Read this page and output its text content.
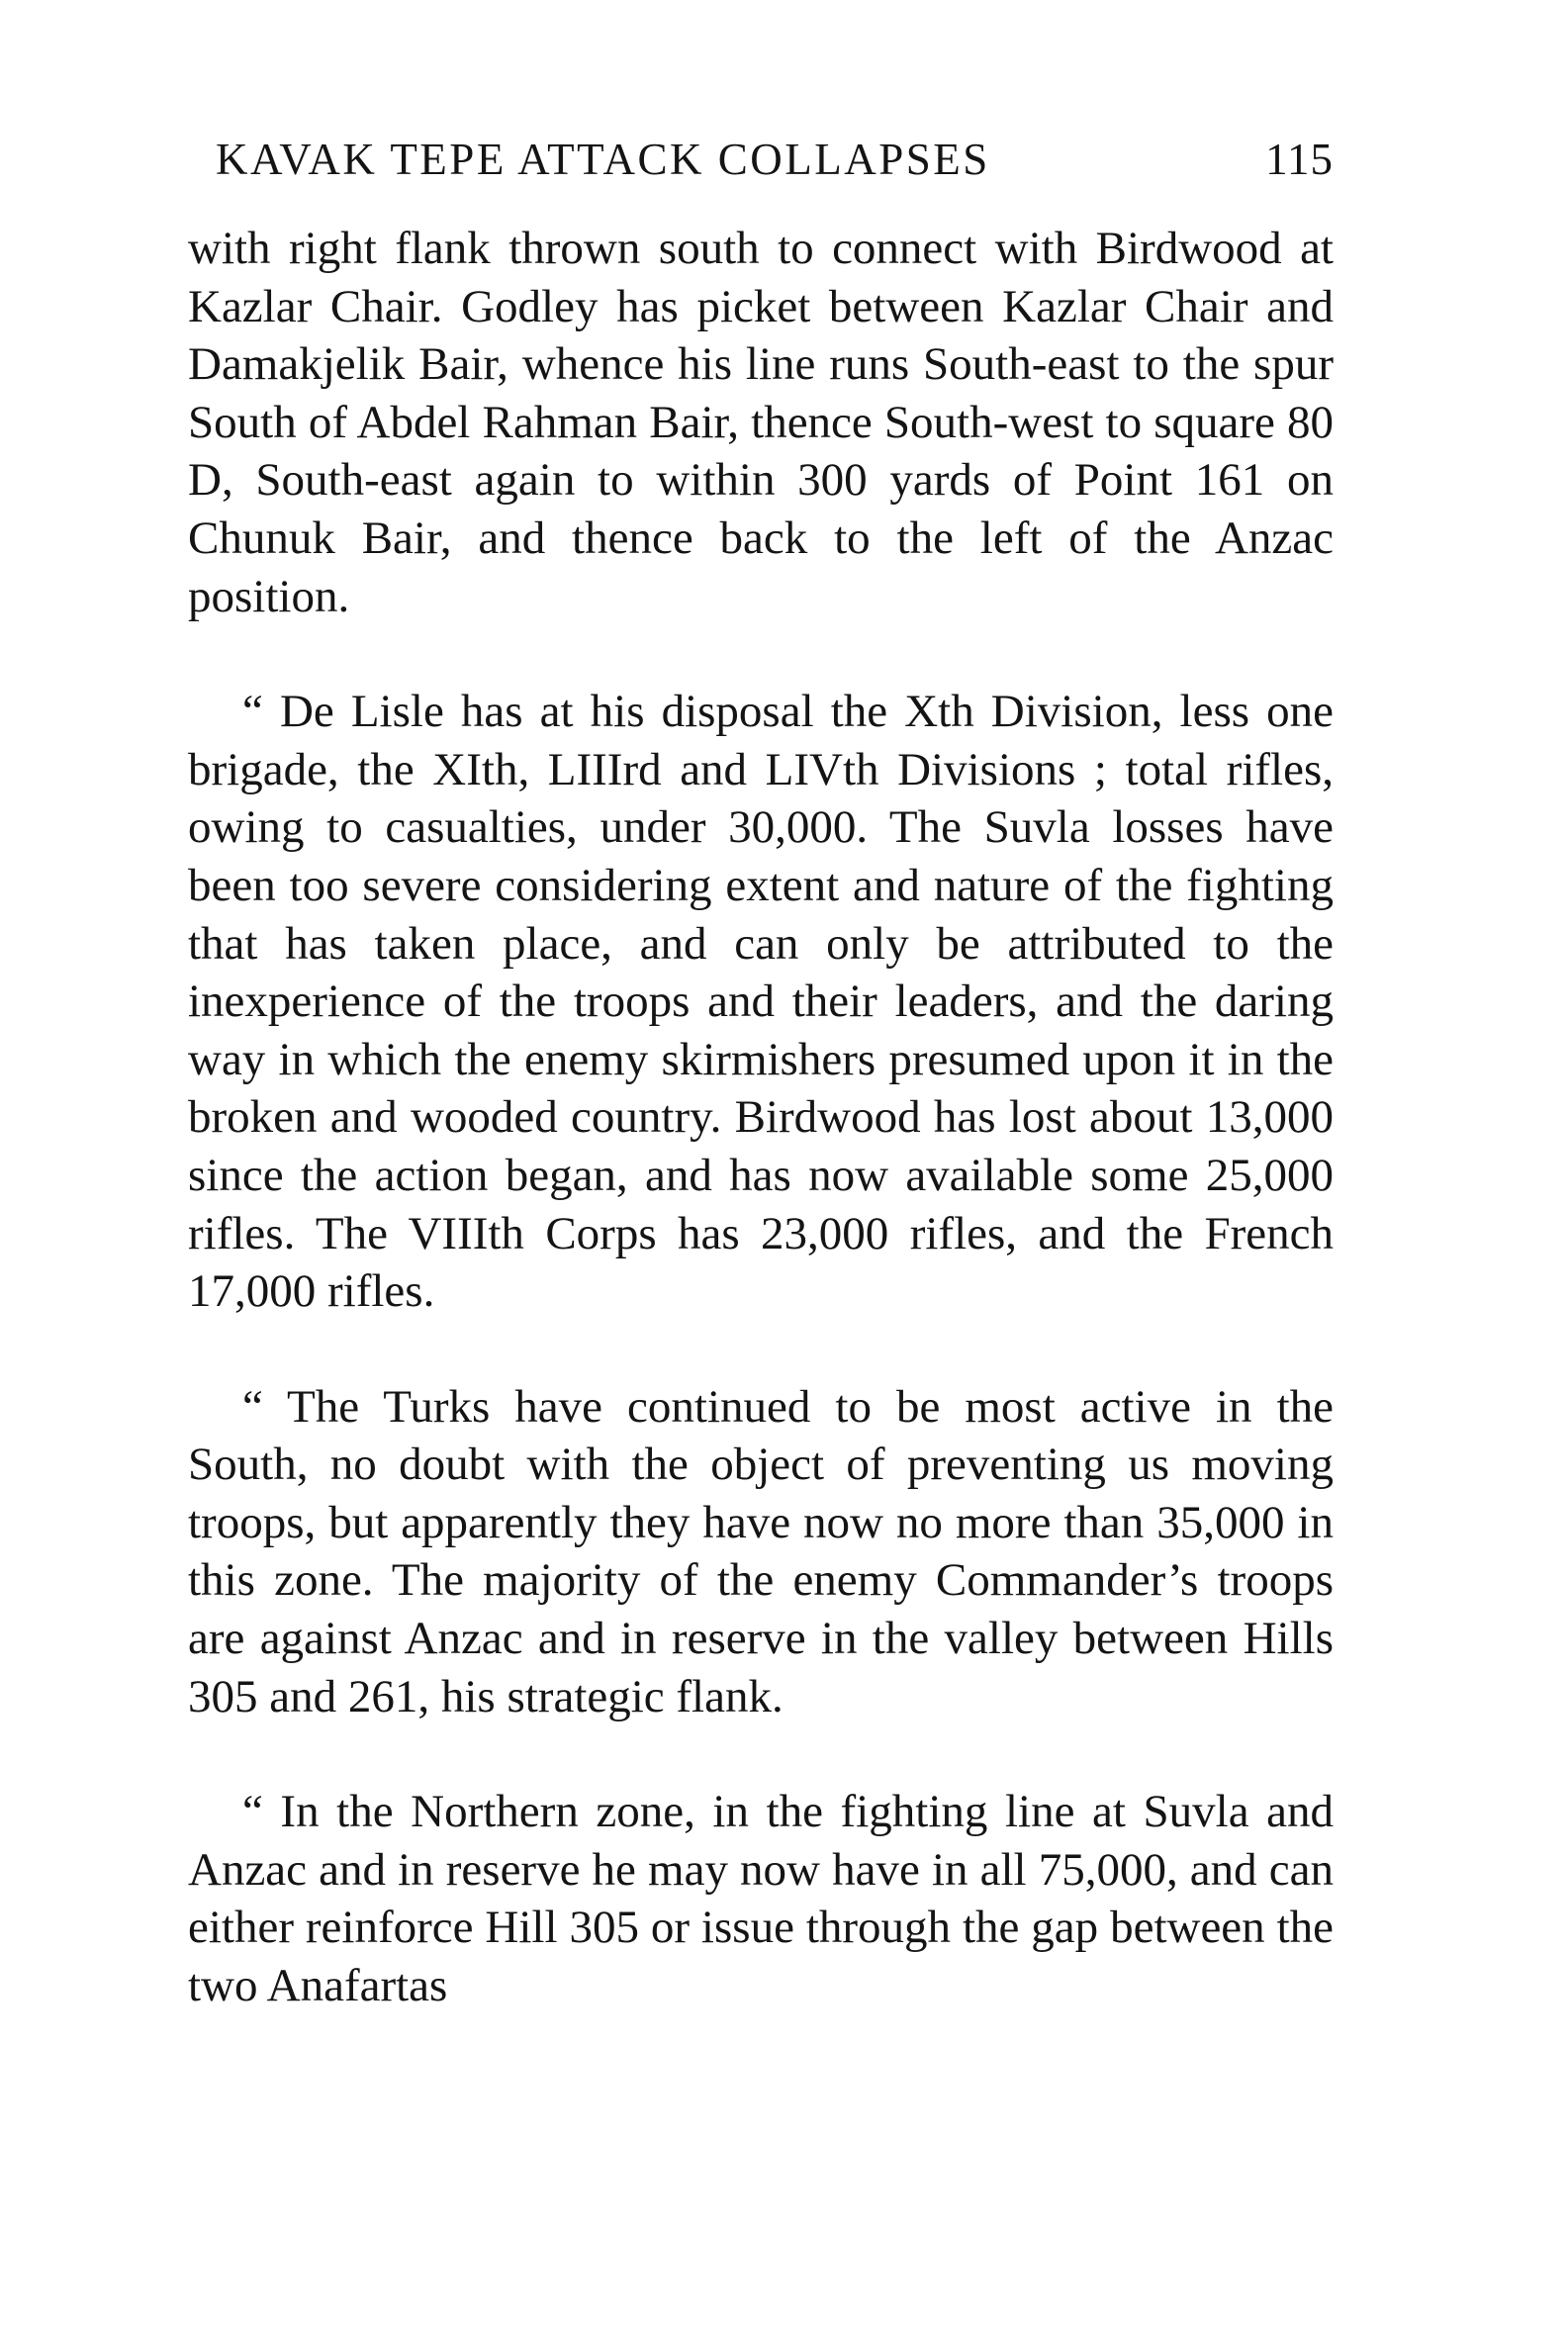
KAVAK TEPE ATTACK COLLAPSES	115

with right flank thrown south to connect with Birdwood at Kazlar Chair. Godley has picket between Kazlar Chair and Damakjelik Bair, whence his line runs South-east to the spur South of Abdel Rahman Bair, thence South-west to square 80 D, South-east again to within 300 yards of Point 161 on Chunuk Bair, and thence back to the left of the Anzac position.

“ De Lisle has at his disposal the Xth Division, less one brigade, the XIth, LIIIrd and LIVth Divisions ; total rifles, owing to casualties, under 30,000. The Suvla losses have been too severe considering extent and nature of the fighting that has taken place, and can only be attributed to the inexperience of the troops and their leaders, and the daring way in which the enemy skirmishers presumed upon it in the broken and wooded country. Birdwood has lost about 13,000 since the action began, and has now available some 25,000 rifles. The VIIIth Corps has 23,000 rifles, and the French 17,000 rifles.

“ The Turks have continued to be most active in the South, no doubt with the object of preventing us moving troops, but apparently they have now no more than 35,000 in this zone. The majority of the enemy Commander’s troops are against Anzac and in reserve in the valley between Hills 305 and 261, his strategic flank.

“ In the Northern zone, in the fighting line at Suvla and Anzac and in reserve he may now have in all 75,000, and can either reinforce Hill 305 or issue through the gap between the two Anafartas
